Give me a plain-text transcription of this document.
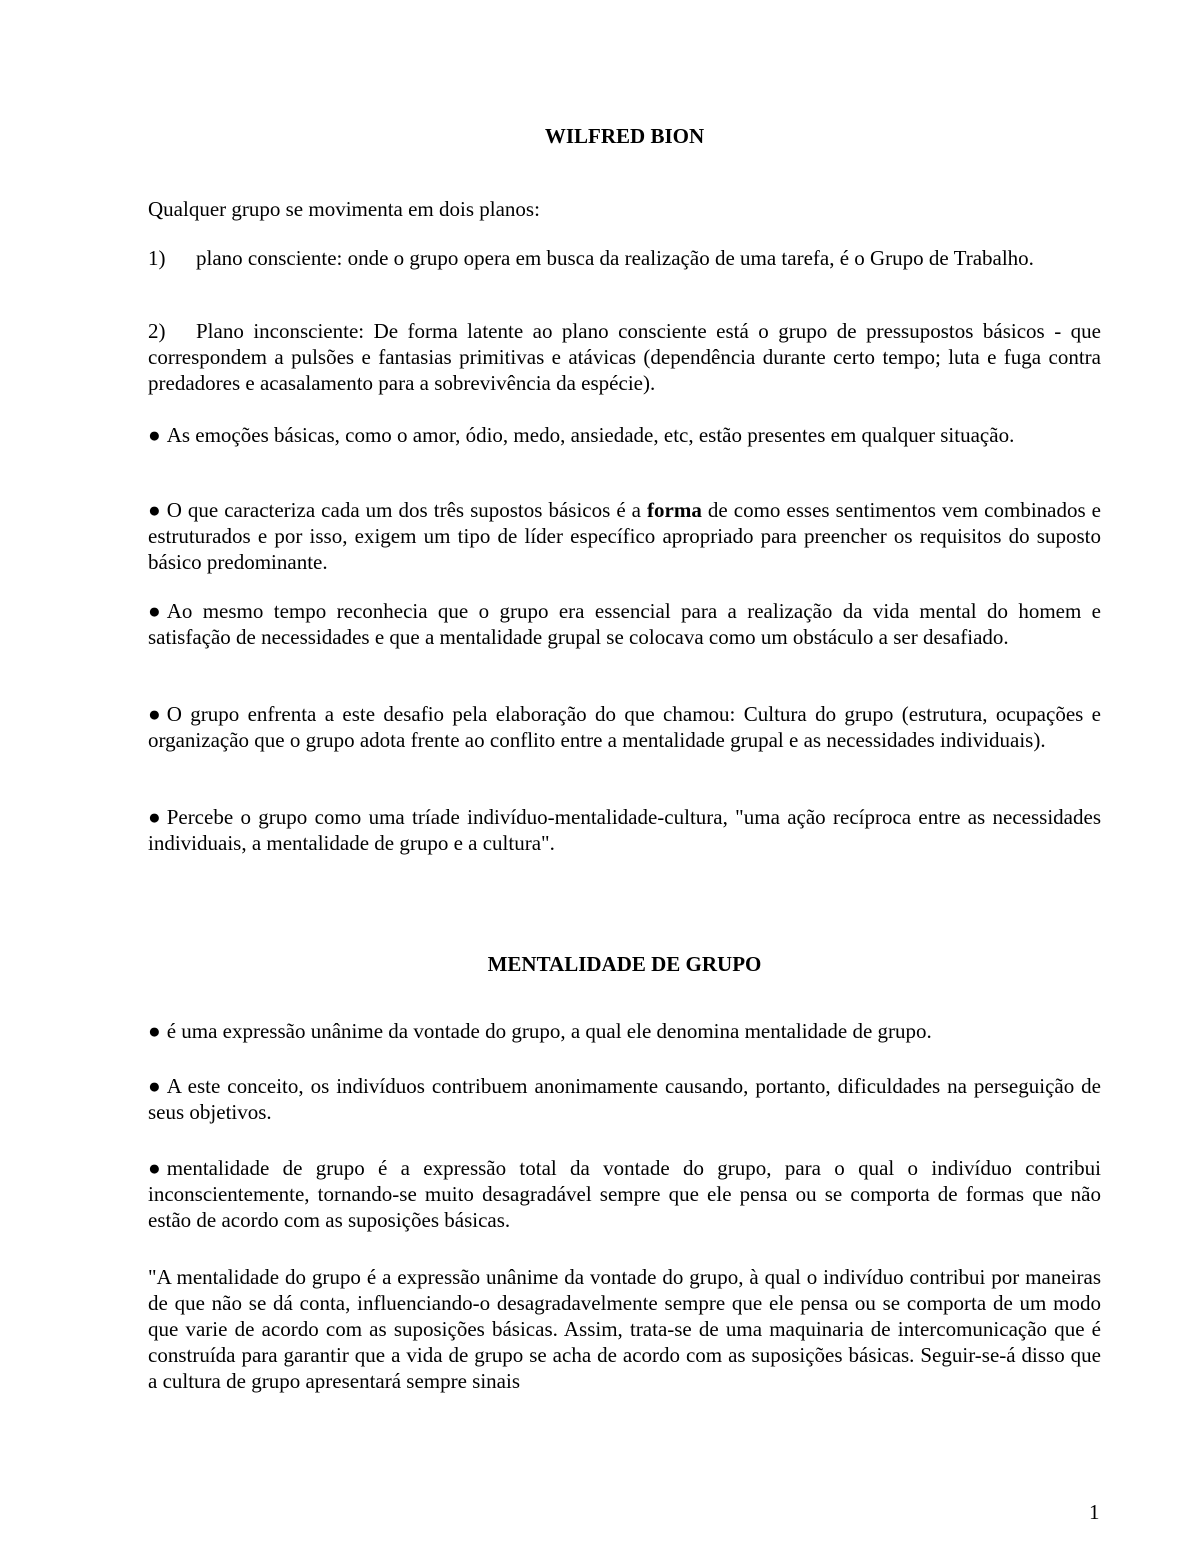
WILFRED BION

Qualquer grupo se movimenta em dois planos:

1) plano consciente: onde o grupo opera em busca da realização de uma tarefa, é o Grupo de Trabalho.

2) Plano inconsciente: De forma latente ao plano consciente está o grupo de pressupostos básicos - que correspondem a pulsões e fantasias primitivas e atávicas (dependência durante certo tempo; luta e fuga contra predadores e acasalamento para a sobrevivência da espécie).

● As emoções básicas, como o amor, ódio, medo, ansiedade, etc, estão presentes em qualquer situação.

● O que caracteriza cada um dos três supostos básicos é a forma de como esses sentimentos vem combinados e estruturados e por isso, exigem um tipo de líder específico apropriado para preencher os requisitos do suposto básico predominante.

● Ao mesmo tempo reconhecia que o grupo era essencial para a realização da vida mental do homem e satisfação de necessidades e que a mentalidade grupal se colocava como um obstáculo a ser desafiado.

● O grupo enfrenta a este desafio pela elaboração do que chamou: Cultura do grupo (estrutura, ocupações e organização que o grupo adota frente ao conflito entre a mentalidade grupal e as necessidades individuais).

● Percebe o grupo como uma tríade indivíduo-mentalidade-cultura, "uma ação recíproca entre as necessidades individuais, a mentalidade de grupo e a cultura".

MENTALIDADE DE GRUPO

● é uma expressão unânime da vontade do grupo, a qual ele denomina mentalidade de grupo.

● A este conceito, os indivíduos contribuem anonimamente causando, portanto, dificuldades na perseguição de seus objetivos.

● mentalidade de grupo é a expressão total da vontade do grupo, para o qual o indivíduo contribui inconscientemente, tornando-se muito desagradável sempre que ele pensa ou se comporta de formas que não estão de acordo com as suposições básicas.

"A mentalidade do grupo é a expressão unânime da vontade do grupo, à qual o indivíduo contribui por maneiras de que não se dá conta, influenciando-o desagradavelmente sempre que ele pensa ou se comporta de um modo que varie de acordo com as suposições básicas. Assim, trata-se de uma maquinaria de intercomunicação que é construída para garantir que a vida de grupo se acha de acordo com as suposições básicas. Seguir-se-á disso que a cultura de grupo apresentará sempre sinais

1
